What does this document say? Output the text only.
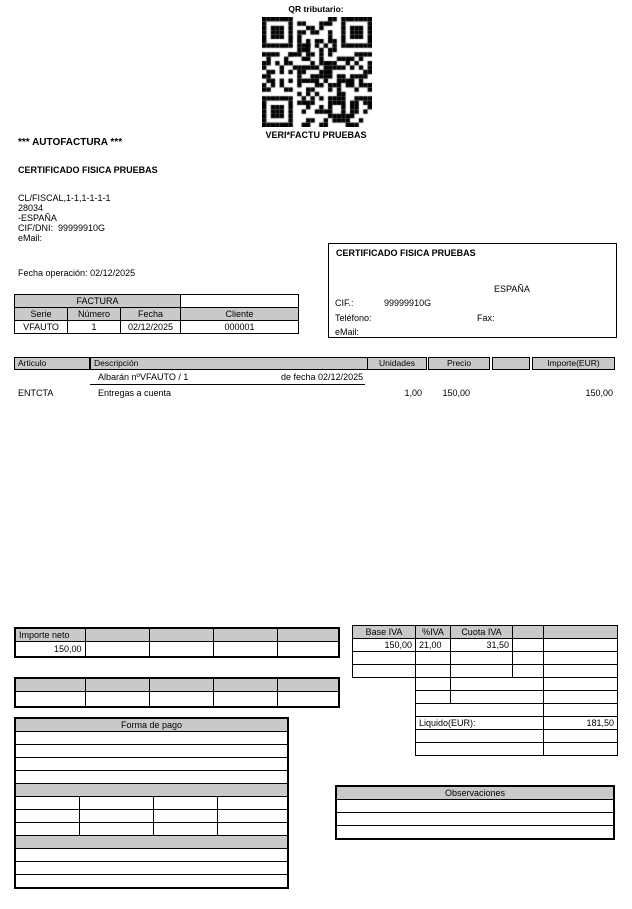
QR tributario:
VERI*FACTU PRUEBAS
*** AUTOFACTURA ***
CERTIFICADO FISICA PRUEBAS
CL/FISCAL,1-1,1-1-1-1
28034
-ESPAÑA
CIF/DNI: 99999910G
eMail:
Fecha operación: 02/12/2025
FACTURA			
Serie	Número	Fecha	Cliente
VFAUTO	1	02/12/2025	000001
CERTIFICADO FISICA PRUEBAS
ESPAÑA
CIF.:	99999910G
Teléfono:	Fax:
eMail:
Articulo	Descripción	Unidades	Precio	Importe(EUR)
Albarán nº VFAUTO / 1	de fecha 02/12/2025
ENTCTA	Entregas a cuenta	1,00	150,00	150,00
Importe neto				
150,00				

Forma de pago			

Base IVA	%IVA	Cuota IVA		
150,00	21,00	31,50		

	Liquido(EUR):			181,50

Observaciones
